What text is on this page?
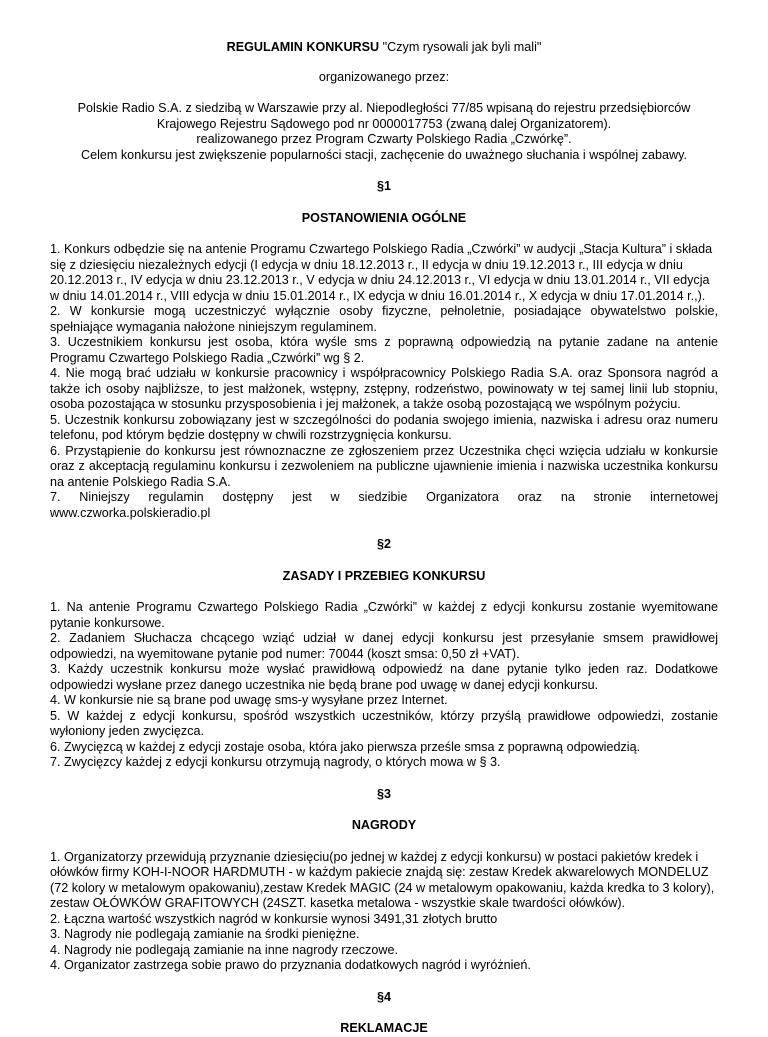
REGULAMIN KONKURSU "Czym rysowali jak byli mali"
organizowanego przez:
Polskie Radio S.A. z siedzibą w Warszawie przy al. Niepodległości 77/85 wpisaną do rejestru przedsiębiorców
Krajowego Rejestru Sądowego pod nr 0000017753 (zwaną dalej Organizatorem).
realizowanego przez Program Czwarty Polskiego Radia „Czwórkę”.
Celem konkursu jest zwiększenie popularności stacji, zachęcenie do uważnego słuchania i wspólnej zabawy.
§1
POSTANOWIENIA OGÓLNE
1. Konkurs odbędzie się na antenie Programu Czwartego Polskiego Radia „Czwórki” w audycji „Stacja Kultura” i składa się z dziesięciu niezależnych edycji (I edycja w dniu 18.12.2013 r., II edycja w dniu 19.12.2013 r., III edycja w dniu 20.12.2013 r., IV edycja w dniu 23.12.2013 r., V edycja w dniu 24.12.2013 r., VI edycja w dniu 13.01.2014 r., VII edycja w dniu 14.01.2014 r., VIII edycja w dniu 15.01.2014 r., IX edycja w dniu 16.01.2014 r., X edycja w dniu 17.01.2014 r.,).
2. W konkursie mogą uczestniczyć wyłącznie osoby fizyczne, pełnoletnie, posiadające obywatelstwo polskie, spełniające wymagania nałożone niniejszym regulaminem.
3. Uczestnikiem konkursu jest osoba, która wyśle sms z poprawną odpowiedzią na pytanie zadane na antenie Programu Czwartego Polskiego Radia „Czwórki” wg § 2.
4. Nie mogą brać udziału w konkursie pracownicy i współpracownicy Polskiego Radia S.A. oraz Sponsora nagród a także ich osoby najbliższe, to jest małżonek, wstępny, zstępny, rodzeństwo, powinowaty w tej samej linii lub stopniu, osoba pozostająca w stosunku przysposobienia i jej małżonek, a także osobą pozostającą we wspólnym pożyciu.
5. Uczestnik konkursu zobowiązany jest w szczególności do podania swojego imienia, nazwiska i adresu oraz numeru telefonu, pod którym będzie dostępny w chwili rozstrzygnięcia konkursu.
6. Przystąpienie do konkursu jest równoznaczne ze zgłoszeniem przez Uczestnika chęci wzięcia udziału w konkursie oraz z akceptacją regulaminu konkursu i zezwoleniem na publiczne ujawnienie imienia i nazwiska uczestnika konkursu na antenie Polskiego Radia S.A.
7. Niniejszy regulamin dostępny jest w siedzibie Organizatora oraz na stronie internetowej
www.czworka.polskieradio.pl
§2
ZASADY I PRZEBIEG KONKURSU
1. Na antenie Programu Czwartego Polskiego Radia „Czwórki” w każdej z edycji konkursu zostanie wyemitowane pytanie konkursowe.
2. Zadaniem Słuchacza chcącego wziąć udział w danej edycji konkursu jest przesyłanie smsem prawidłowej odpowiedzi, na wyemitowane pytanie pod numer: 70044 (koszt smsa: 0,50 zł +VAT).
3. Każdy uczestnik konkursu może wysłać prawidłową odpowiedź na dane pytanie tylko jeden raz. Dodatkowe odpowiedzi wysłane przez danego uczestnika nie będą brane pod uwagę w danej edycji konkursu.
4. W konkursie nie są brane pod uwagę sms-y wysyłane przez Internet.
5. W każdej z edycji konkursu, spośród wszystkich uczestników, którzy przyślą prawidłowe odpowiedzi, zostanie wyłoniony jeden zwycięzca.
6. Zwycięzcą w każdej z edycji zostaje osoba, która jako pierwsza prześle smsa z poprawną odpowiedzią.
7. Zwycięzcy każdej z edycji konkursu otrzymują nagrody, o których mowa w § 3.
§3
NAGRODY
1. Organizatorzy przewidują przyznanie dziesięciu(po jednej w każdej z edycji konkursu) w postaci pakietów kredek i ołówków firmy KOH-I-NOOR HARDMUTH - w każdym pakiecie znajdą się: zestaw Kredek akwarelowych MONDELUZ (72 kolory w metalowym opakowaniu),zestaw Kredek MAGIC (24 w metalowym opakowaniu, każda kredka to 3 kolory), zestaw OŁÓWKÓW GRAFITOWYCH (24SZT. kasetka metalowa - wszystkie skale twardości ołówków).
2. Łączna wartość wszystkich nagród w konkursie wynosi 3491,31 złotych brutto
3. Nagrody nie podlegają zamianie na środki pieniężne.
4. Nagrody nie podlegają zamianie na inne nagrody rzeczowe.
4. Organizator zastrzega sobie prawo do przyznania dodatkowych nagród i wyróżnień.
§4
REKLAMACJE
